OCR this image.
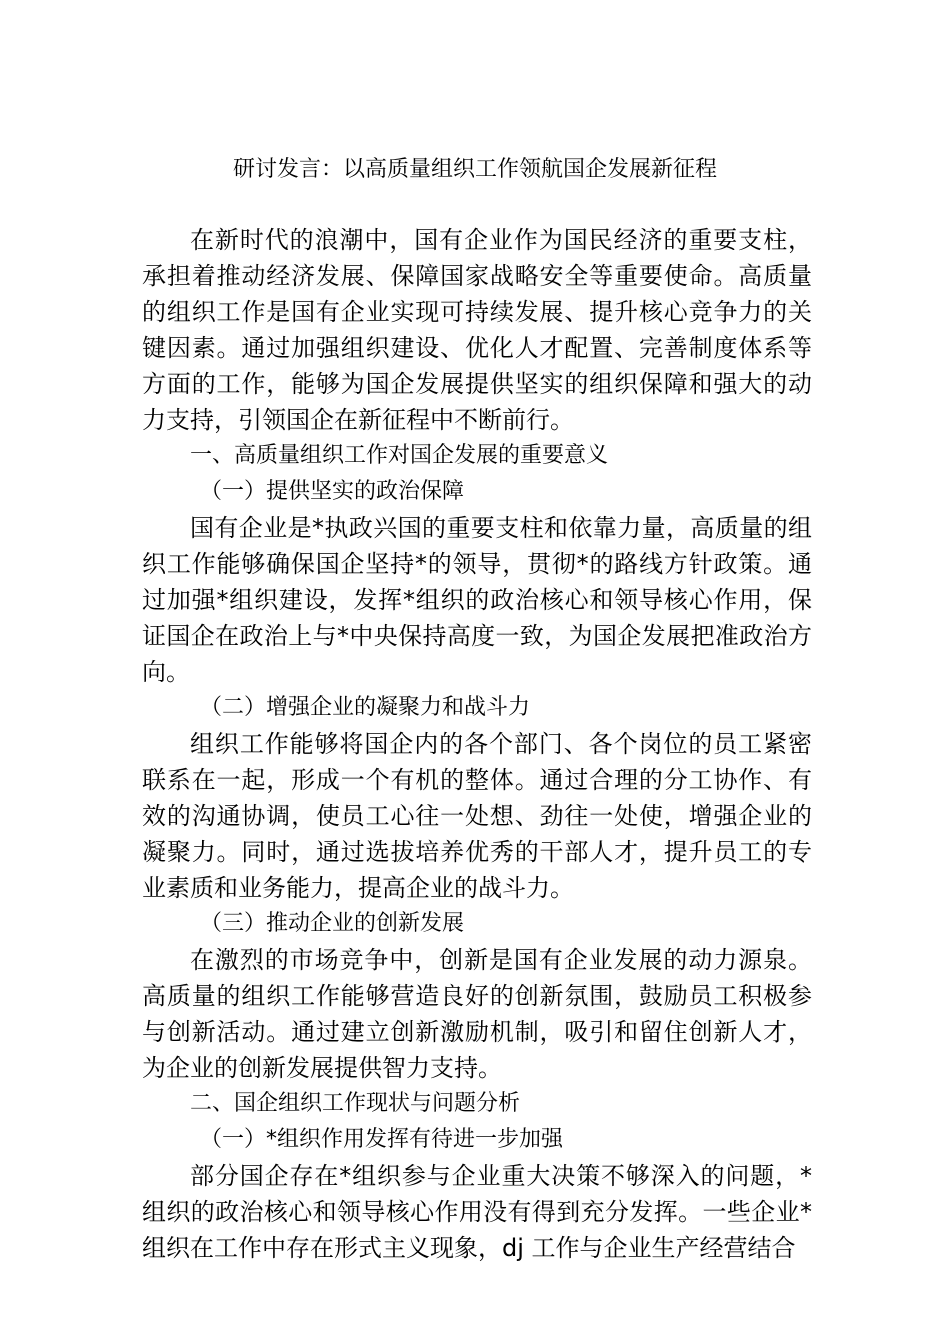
研讨发言：以高质量组织工作领航国企发展新征程

在新时代的浪潮中，国有企业作为国民经济的重要支柱，承担着推动经济发展、保障国家战略安全等重要使命。高质量的组织工作是国有企业实现可持续发展、提升核心竞争力的关键因素。通过加强组织建设、优化人才配置、完善制度体系等方面的工作，能够为国企发展提供坚实的组织保障和强大的动力支持，引领国企在新征程中不断前行。

一、高质量组织工作对国企发展的重要意义

（一）提供坚实的政治保障

国有企业是*执政兴国的重要支柱和依靠力量，高质量的组织工作能够确保国企坚持*的领导，贯彻*的路线方针政策。通过加强*组织建设，发挥*组织的政治核心和领导核心作用，保证国企在政治上与*中央保持高度一致，为国企发展把准政治方向。

（二）增强企业的凝聚力和战斗力

组织工作能够将国企内的各个部门、各个岗位的员工紧密联系在一起，形成一个有机的整体。通过合理的分工协作、有效的沟通协调，使员工心往一处想、劲往一处使，增强企业的凝聚力。同时，通过选拔培养优秀的干部人才，提升员工的专业素质和业务能力，提高企业的战斗力。

（三）推动企业的创新发展

在激烈的市场竞争中，创新是国有企业发展的动力源泉。高质量的组织工作能够营造良好的创新氛围，鼓励员工积极参与创新活动。通过建立创新激励机制，吸引和留住创新人才，为企业的创新发展提供智力支持。

二、国企组织工作现状与问题分析

（一）*组织作用发挥有待进一步加强

部分国企存在*组织参与企业重大决策不够深入的问题，*组织的政治核心和领导核心作用没有得到充分发挥。一些企业*组织在工作中存在形式主义现象，dj 工作与企业生产经营结合
